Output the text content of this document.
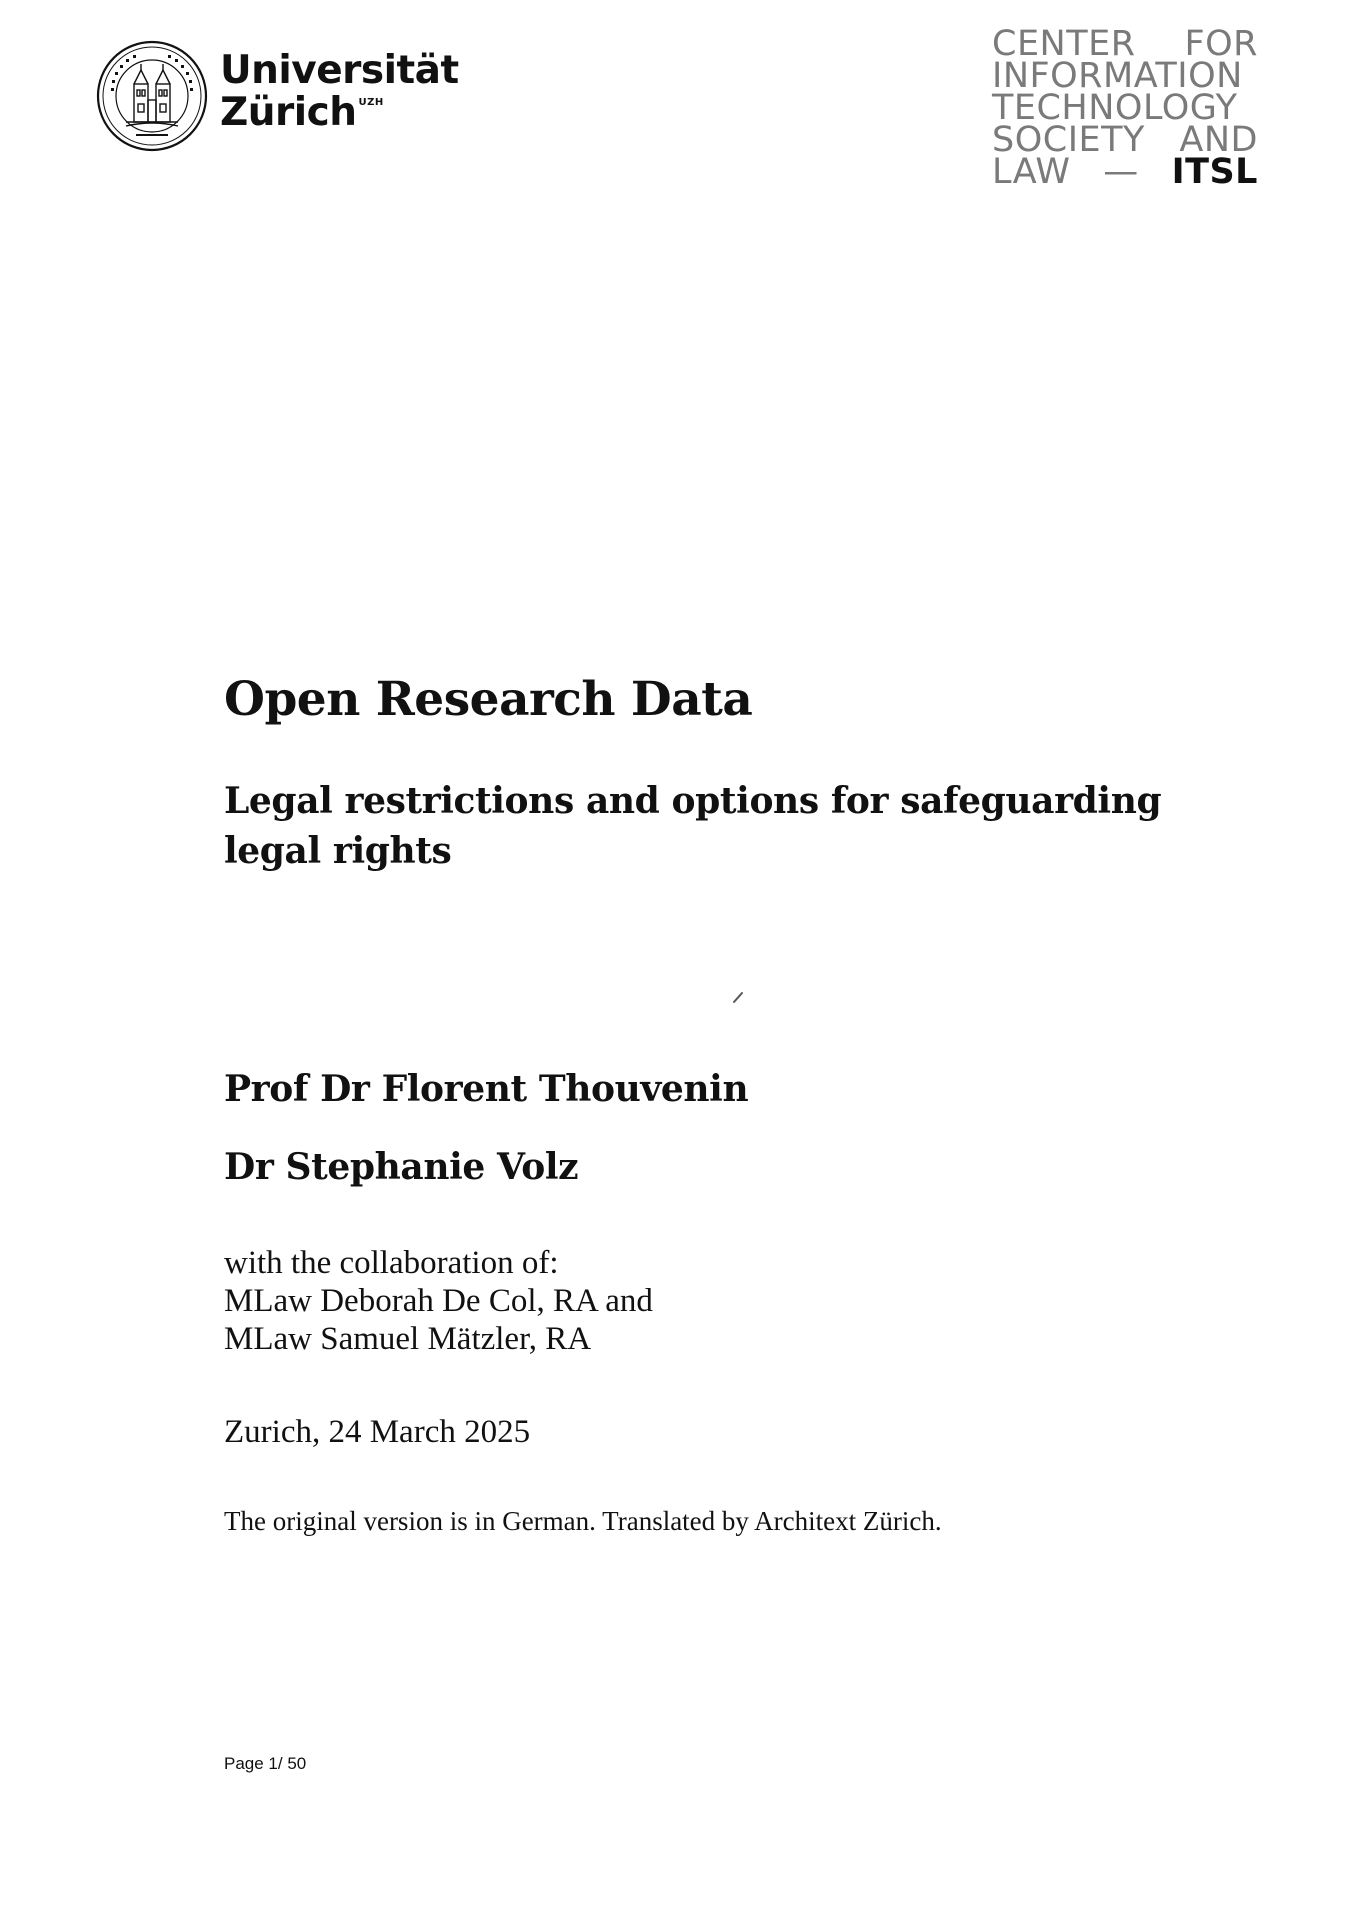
Universität
Zürich $^{UZH}$
CENTER FOR
INFORMATION
TECHNOLOGY
SOCIETY AND
LAW — ITSL
Open Research Data
Legal restrictions and options for safeguarding legal rights
Prof Dr Florent Thouvenin
Dr Stephanie Volz
with the collaboration of:
MLaw Deborah De Col, RA and
MLaw Samuel Mätzler, RA
Zurich, 24 March 2025
The original version is in German. Translated by Architext Zürich.
Page 1/ 50
